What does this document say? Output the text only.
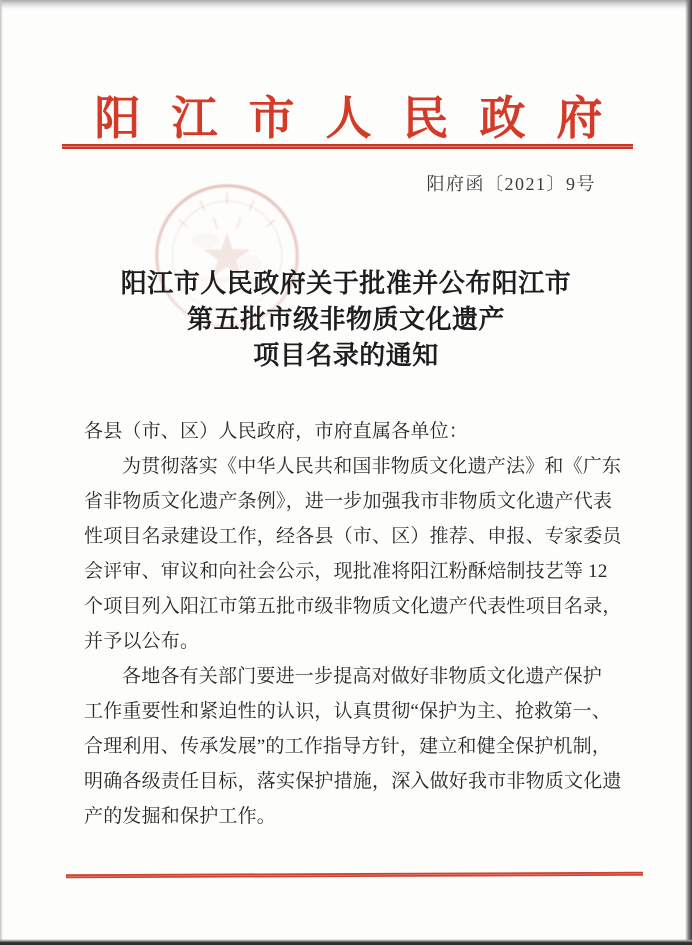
阳江市人民政府
阳府函〔2021〕9号
阳江市人民政府关于批准并公布阳江市
第五批市级非物质文化遗产
项目名录的通知
各县（市、区）人民政府，市府直属各单位：
为贯彻落实《中华人民共和国非物质文化遗产法》和《广东
省非物质文化遗产条例》，进一步加强我市非物质文化遗产代表
性项目名录建设工作，经各县（市、区）推荐、申报、专家委员
会评审、审议和向社会公示，现批准将阳江粉酥焙制技艺等 12
个项目列入阳江市第五批市级非物质文化遗产代表性项目名录，
并予以公布。
各地各有关部门要进一步提高对做好非物质文化遗产保护
工作重要性和紧迫性的认识，认真贯彻“保护为主、抢救第一、
合理利用、传承发展”的工作指导方针，建立和健全保护机制，
明确各级责任目标，落实保护措施，深入做好我市非物质文化遗
产的发掘和保护工作。
